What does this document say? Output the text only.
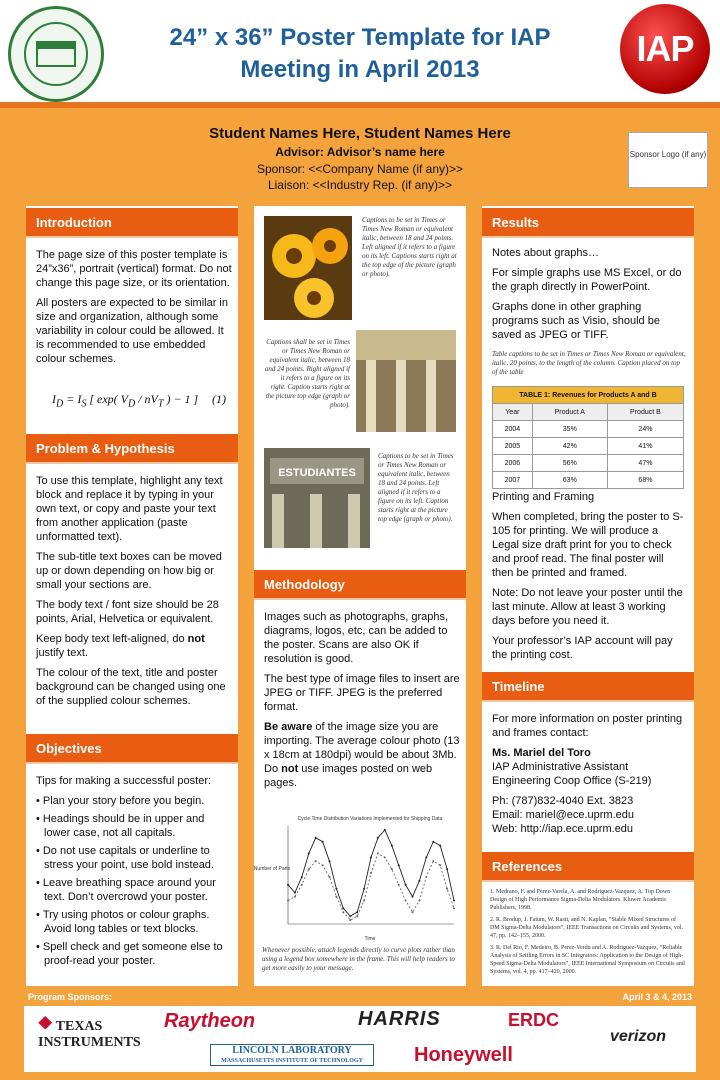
24” x 36” Poster Template for IAP
Meeting in April 2013
IAP
Student Names Here, Student Names Here
Advisor: Advisor’s name here
Sponsor: <<Company Name (if any)>>
Liaison: <<Industry Rep. (if any)>>
Sponsor Logo (if any)
Introduction

The page size of this poster template is 24”x36”, portrait (vertical) format. Do not change this page size, or its orientation.

All posters are expected to be similar in size and organization, although some variability in colour could be allowed. It is recommended to use embedded colour schemes.

$I_D = I_S$ [ exp( $V_D / nV_T$ ) − 1 ] (1)
Problem & Hypothesis

To use this template, highlight any text block and replace it by typing in your own text, or copy and paste your text from another application (paste unformatted text).

The sub-title text boxes can be moved up or down depending on how big or small your sections are.

The body text / font size should be 28 points, Arial, Helvetica or equivalent.

Keep body text left-aligned, do not justify text.

The colour of the text, title and poster background can be changed using one of the supplied colour schemes.

Objectives

Tips for making a successful poster:

• Plan your story before you begin.
• Headings should be in upper and lower case, not all capitals.
• Do not use capitals or underline to stress your point, use bold instead.
• Leave breathing space around your text. Don’t overcrowd your poster.
• Try using photos or colour graphs. Avoid long tables or text blocks.
• Spell check and get someone else to proof-read your poster.
Captions to be set in Times or Times New Roman or equivalent italic, between 18 and 24 points. Left aligned if it refers to a figure on its left. Captions starts right at the top edge of the picture (graph or photo).
Captions shall be set in Times or Times New Roman or equivalent italic, between 18 and 24 points. Right aligned if it refers to a figure on its right. Caption starts right at the picture top edge (graph or photo).
ESTUDIANTES
Captions to be set in Times or Times New Roman or equivalent italic, between 18 and 24 points. Left aligned if it refers to a figure on its left. Caption starts right at the picture top edge (graph or photo).
Methodology

Images such as photographs, graphs, diagrams, logos, etc, can be added to the poster. Scans are also OK if resolution is good.

The best type of image files to insert are JPEG or TIFF. JPEG is the preferred format.

Be aware of the image size you are importing. The average colour photo (13 x 18cm at 180dpi) would be about 3Mb. Do not use images posted on web pages.

Cycle Time Distribution Variations Implemented for Shipping Data
Number of Parts
Time
Whenever possible, attach legends directly to curve plots rather than using a legend box somewhere in the frame. This will help readers to get more easily to your message.
Results

Notes about graphs…

For simple graphs use MS Excel, or do the graph directly in PowerPoint.

Graphs done in other graphing programs such as Visio, should be saved as JPEG or TIFF.

Table captions to be set in Times or Times New Roman or equivalent, italic, 20 points, to the length of the column. Caption placed on top of the table
TABLE 1: Revenues for Products A and B		
Year	Product A	Product B
2004	35%	24%
2005	42%	41%
2006	56%	47%
2007	63%	68%

Printing and Framing

When completed, bring the poster to S-105 for printing. We will produce a Legal size draft print for you to check and proof read. The final poster will then be printed and framed.

Note: Do not leave your poster until the last minute. Allow at least 3 working days before you need it.

Your professor’s IAP account will pay the printing cost.

Timeline

For more information on poster printing and frames contact:

Ms. Mariel del Toro
IAP Administrative Assistant
Engineering Coop Office (S-219)
Ph: (787)832-4040 Ext. 3823
Email: mariel@ece.uprm.edu
Web: http://iap.ece.uprm.edu
References
1. Medrano, F. and Perez-Varela, A. and Rodriguez-Vazquez, A. Top Down Design of High Performance Sigma-Delta Modulators. Kluwer Academic Publishers, 1998.
2. R. Brodup, J. Fatum, W. Rasti, and N. Kaplan, “Stable Mixed Structures of DM Sigma-Delta Modulators”, IEEE Transactions on Circuits and Systems, vol. 47, pp. 142–155, 2000.
3. R. Del Rio, F. Medeiro, B. Perez-Verdu and A. Rodriguez-Vazquez, “Reliable Analysis of Settling Errors in SC Integrators: Application to the Design of High-Speed Sigma-Delta Modulators”, IEEE International Symposium on Circuits and Systems, vol. 4, pp. 417–420, 2000.
Program Sponsors:	April 3 & 4, 2013
⯁ TEXAS INSTRUMENTS
Raytheon	HARRIS	ERDC
verizon
LINCOLN LABORATORY
MASSACHUSETTS INSTITUTE OF TECHNOLOGY	Honeywell
